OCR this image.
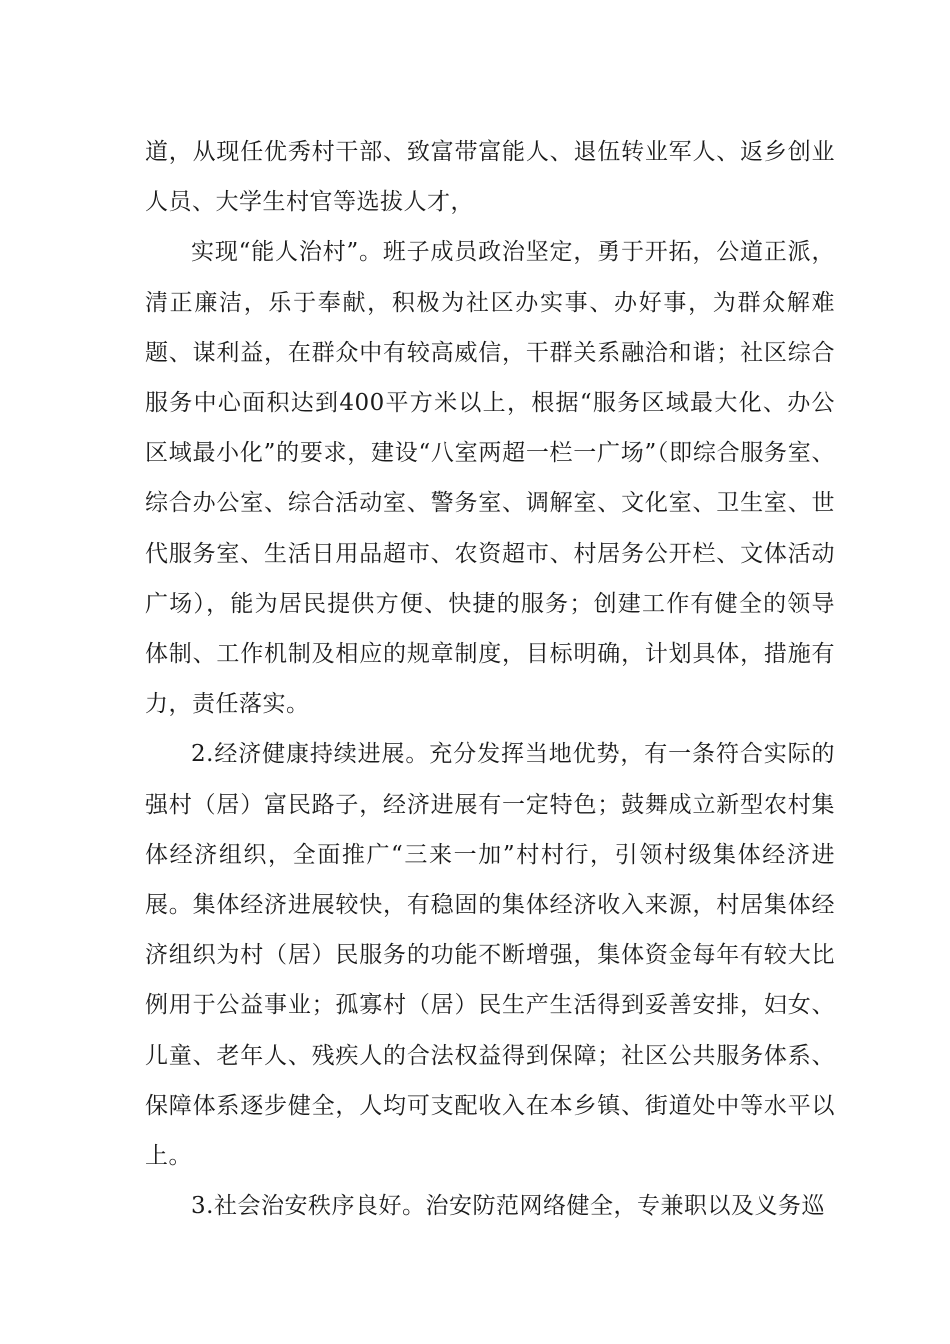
道，从现任优秀村干部、致富带富能人、退伍转业军人、返乡创业人员、大学生村官等选拔人才，

实现“能人治村”。班子成员政治坚定，勇于开拓，公道正派，清正廉洁，乐于奉献，积极为社区办实事、办好事，为群众解难题、谋利益，在群众中有较高威信，干群关系融洽和谐；社区综合服务中心面积达到400平方米以上，根据“服务区域最大化、办公区域最小化”的要求，建设“八室两超一栏一广场”（即综合服务室、综合办公室、综合活动室、警务室、调解室、文化室、卫生室、世代服务室、生活日用品超市、农资超市、村居务公开栏、文体活动广场），能为居民提供方便、快捷的服务；创建工作有健全的领导体制、工作机制及相应的规章制度，目标明确，计划具体，措施有力，责任落实。

2.经济健康持续进展。充分发挥当地优势，有一条符合实际的强村（居）富民路子，经济进展有一定特色；鼓舞成立新型农村集体经济组织，全面推广“三来一加”村村行，引领村级集体经济进展。集体经济进展较快，有稳固的集体经济收入来源，村居集体经济组织为村（居）民服务的功能不断增强，集体资金每年有较大比例用于公益事业；孤寡村（居）民生产生活得到妥善安排，妇女、儿童、老年人、残疾人的合法权益得到保障；社区公共服务体系、保障体系逐步健全，人均可支配收入在本乡镇、街道处中等水平以上。

3.社会治安秩序良好。治安防范网络健全，专兼职以及义务巡
